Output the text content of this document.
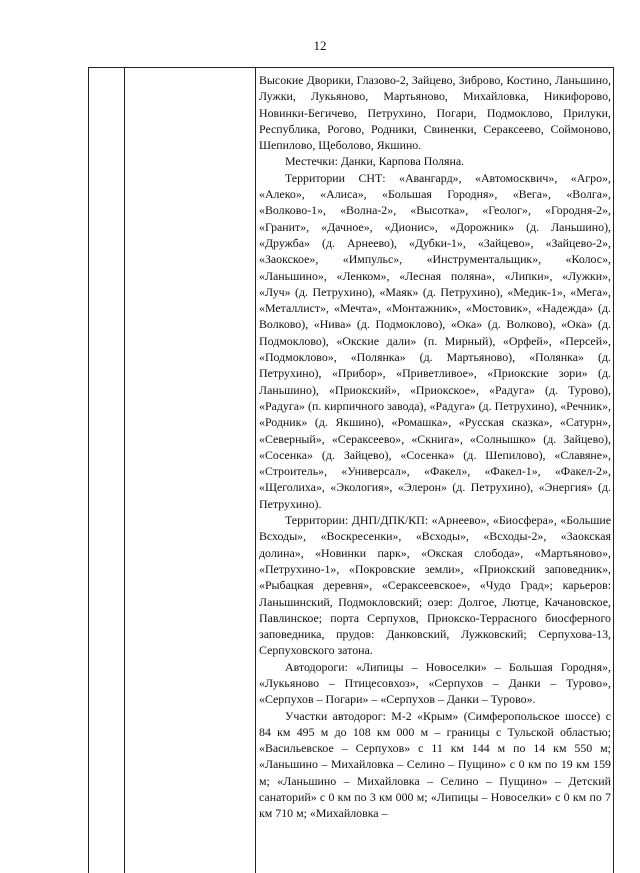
12

Высокие Дворики, Глазово-2, Зайцево, Зиброво, Костино, Ланьшино, Лужки, Лукьяново, Мартьяново, Михайловка, Никифорово, Новинки-Бегичево, Петрухино, Погари, Подмоклово, Прилуки, Республика, Рогово, Родники, Свиненки, Сераксеево, Соймоново, Шепилово, Щеболово, Якшино.

Местечки: Данки, Карпова Поляна.

Территории СНТ: «Авангард», «Автомосквич», «Агро», «Алеко», «Алиса», «Большая Городня», «Вега», «Волга», «Волково-1», «Волна-2», «Высотка», «Геолог», «Городня-2», «Гранит», «Дачное», «Дионис», «Дорожник» (д. Ланьшино), «Дружба» (д. Арнеево), «Дубки-1», «Зайцево», «Зайцево-2», «Заокское», «Импульс», «Инструментальщик», «Колос», «Ланьшино», «Ленком», «Лесная поляна», «Липки», «Лужки», «Луч» (д. Петрухино), «Маяк» (д. Петрухино), «Медик-1», «Мега», «Металлист», «Мечта», «Монтажник», «Мостовик», «Надежда» (д. Волково), «Нива» (д. Подмоклово), «Ока» (д. Волково), «Ока» (д. Подмоклово), «Окские дали» (п. Мирный), «Орфей», «Персей», «Подмоклово», «Полянка» (д. Мартьяново), «Полянка» (д. Петрухино), «Прибор», «Приветливое», «Приокские зори» (д. Ланьшино), «Приокский», «Приокское», «Радуга» (д. Турово), «Радуга» (п. кирпичного завода), «Радуга» (д. Петрухино), «Речник», «Родник» (д. Якшино), «Ромашка», «Русская сказка», «Сатурн», «Северный», «Сераксеево», «Скнига», «Солнышко» (д. Зайцево), «Сосенка» (д. Зайцево), «Сосенка» (д. Шепилово), «Славяне», «Строитель», «Универсал», «Факел», «Факел-1», «Факел-2», «Щеголиха», «Экология», «Элерон» (д. Петрухино), «Энергия» (д. Петрухино).

Территории: ДНП/ДПК/КП: «Арнеево», «Биосфера», «Большие Всходы», «Воскресенки», «Всходы», «Всходы-2», «Заокская долина», «Новинки парк», «Окская слобода», «Мартьяново», «Петрухино-1», «Покровские земли», «Приокский заповедник», «Рыбацкая деревня», «Сераксеевское», «Чудо Град»; карьеров: Ланьшинский, Подмокловский; озер: Долгое, Лютце, Качановское, Павлинское; порта Серпухов, Приокско-Террасного биосферного заповедника, прудов: Данковский, Лужковский; Серпухова-13, Серпуховского затона.

Автодороги: «Липицы – Новоселки» – Большая Городня», «Лукьяново – Птицесовхоз», «Серпухов – Данки – Турово», «Серпухов – Погари» – «Серпухов – Данки – Турово».

Участки автодорог: М-2 «Крым» (Симферопольское шоссе) с 84 км 495 м до 108 км 000 м – границы с Тульской областью; «Васильевское – Серпухов» с 11 км 144 м по 14 км 550 м; «Ланьшино – Михайловка – Селино – Пущино» с 0 км по 19 км 159 м; «Ланьшино – Михайловка – Селино – Пущино» – Детский санаторий» с 0 км по 3 км 000 м; «Липицы – Новоселки» с 0 км по 7 км 710 м; «Михайловка –
